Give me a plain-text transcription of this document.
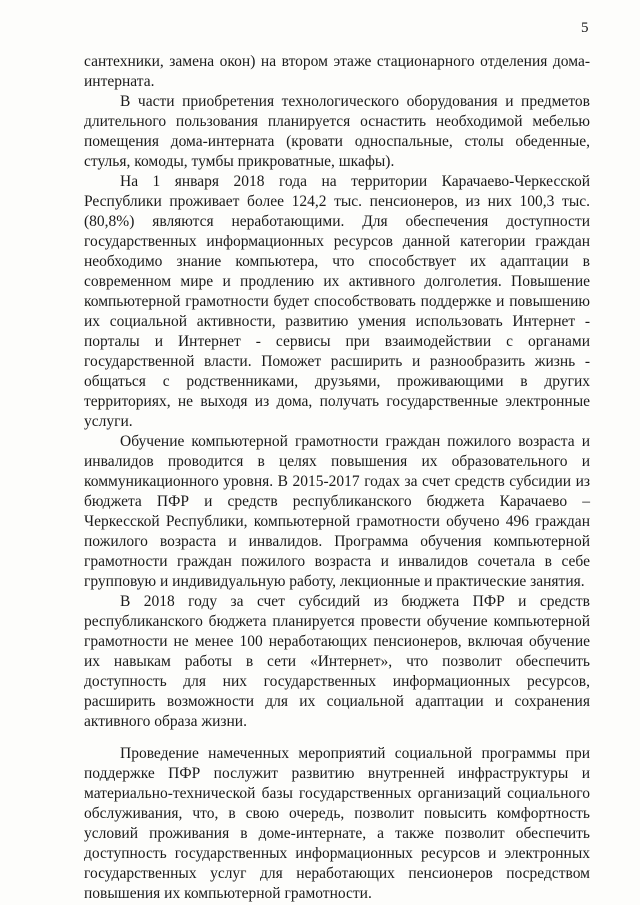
5

сантехники, замена окон) на втором этаже стационарного отделения дома-интерната.

В части приобретения технологического оборудования и предметов длительного пользования планируется оснастить необходимой мебелью помещения дома-интерната (кровати односпальные, столы обеденные, стулья, комоды, тумбы прикроватные, шкафы).

На 1 января 2018 года на территории Карачаево-Черкесской Республики проживает более 124,2 тыс. пенсионеров, из них 100,3 тыс. (80,8%) являются неработающими. Для обеспечения доступности государственных информационных ресурсов данной категории граждан необходимо знание компьютера, что способствует их адаптации в современном мире и продлению их активного долголетия. Повышение компьютерной грамотности будет способствовать поддержке и повышению их социальной активности, развитию умения использовать Интернет - порталы и Интернет - сервисы при взаимодействии с органами государственной власти. Поможет расширить и разнообразить жизнь - общаться с родственниками, друзьями, проживающими в других территориях, не выходя из дома, получать государственные электронные услуги.

Обучение компьютерной грамотности граждан пожилого возраста и инвалидов проводится в целях повышения их образовательного и коммуникационного уровня. В 2015-2017 годах за счет средств субсидии из бюджета ПФР и средств республиканского бюджета Карачаево – Черкесской Республики, компьютерной грамотности обучено 496 граждан пожилого возраста и инвалидов. Программа обучения компьютерной грамотности граждан пожилого возраста и инвалидов сочетала в себе групповую и индивидуальную работу, лекционные и практические занятия.

В 2018 году за счет субсидий из бюджета ПФР и средств республиканского бюджета планируется провести обучение компьютерной грамотности не менее 100 неработающих пенсионеров, включая обучение их навыкам работы в сети «Интернет», что позволит обеспечить доступность для них государственных информационных ресурсов, расширить возможности для их социальной адаптации и сохранения активного образа жизни.

Проведение намеченных мероприятий социальной программы при поддержке ПФР послужит развитию внутренней инфраструктуры и материально-технической базы государственных организаций социального обслуживания, что, в свою очередь, позволит повысить комфортность условий проживания в доме-интернате, а также позволит обеспечить доступность государственных информационных ресурсов и электронных государственных услуг для неработающих пенсионеров посредством повышения их компьютерной грамотности.
